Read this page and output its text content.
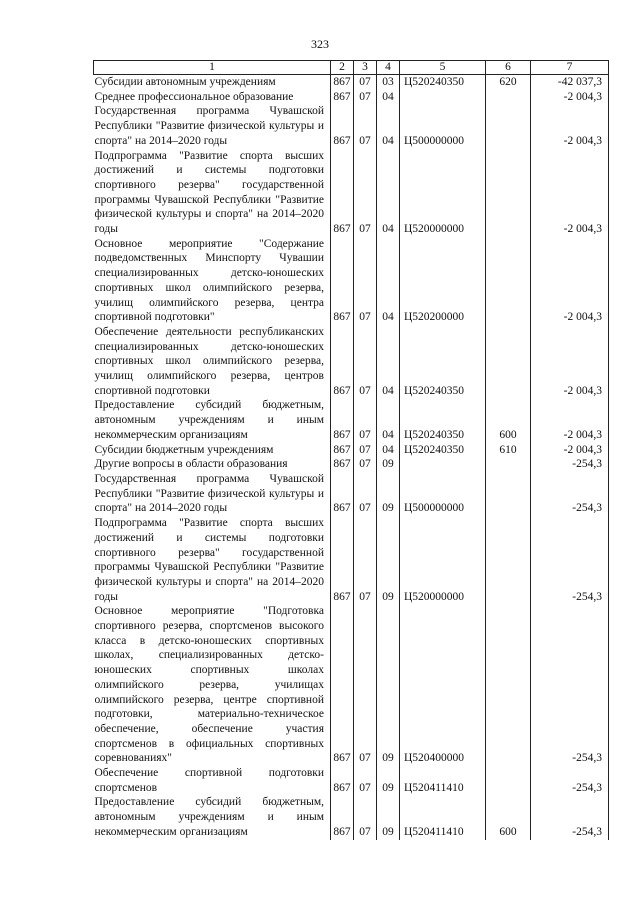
323
1	2	3	4	5	6	7
Субсидии автономным учреждениям	867	07	03	Ц520240350	620	-42 037,3
Среднее профессиональное образование	867	07	04			-2 004,3
Государственная программа Чувашской Республики "Развитие физической культуры и спорта" на 2014–2020 годы	867	07	04	Ц500000000		-2 004,3
Подпрограмма "Развитие спорта высших достижений и системы подготовки спортивного резерва" государственной программы Чувашской Республики "Развитие физической культуры и спорта" на 2014–2020 годы	867	07	04	Ц520000000		-2 004,3
Основное мероприятие "Содержание подведомственных Минспорту Чувашии специализированных детско-юношеских спортивных школ олимпийского резерва, училищ олимпийского резерва, центра спортивной подготовки"	867	07	04	Ц520200000		-2 004,3
Обеспечение деятельности республиканских специализированных детско-юношеских спортивных школ олимпийского резерва, училищ олимпийского резерва, центров спортивной подготовки	867	07	04	Ц520240350		-2 004,3
Предоставление субсидий бюджетным, автономным учреждениям и иным некоммерческим организациям	867	07	04	Ц520240350	600	-2 004,3
Субсидии бюджетным учреждениям	867	07	04	Ц520240350	610	-2 004,3
Другие вопросы в области образования	867	07	09			-254,3
Государственная программа Чувашской Республики "Развитие физической культуры и спорта" на 2014–2020 годы	867	07	09	Ц500000000		-254,3
Подпрограмма "Развитие спорта высших достижений и системы подготовки спортивного резерва" государственной программы Чувашской Республики "Развитие физической культуры и спорта" на 2014–2020 годы	867	07	09	Ц520000000		-254,3
Основное мероприятие "Подготовка спортивного резерва, спортсменов высокого класса в детско-юношеских спортивных школах, специализированных детско-юношеских спортивных школах олимпийского резерва, училищах олимпийского резерва, центре спортивной подготовки, материально-техническое обеспечение, обеспечение участия спортсменов в официальных спортивных соревнованиях"	867	07	09	Ц520400000		-254,3
Обеспечение спортивной подготовки спортсменов	867	07	09	Ц520411410		-254,3
Предоставление субсидий бюджетным, автономным учреждениям и иным некоммерческим организациям	867	07	09	Ц520411410	600	-254,3
